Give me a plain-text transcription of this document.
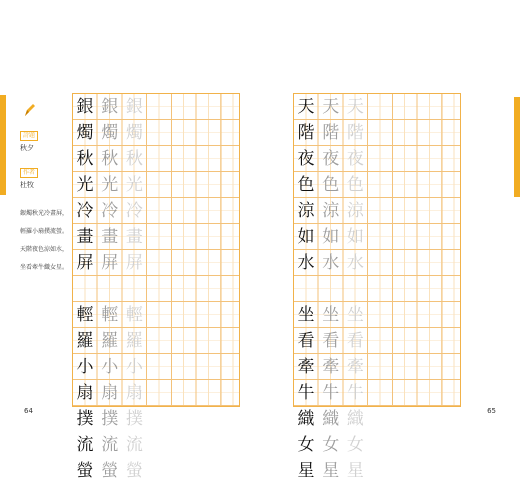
詩題
秋夕
作者
杜牧

銀燭秋光冷畫屏，

輕羅小扇撲流螢。

天階夜色涼如水，

坐看牽牛織女星。

銀 銀 銀
燭 燭 燭
秋 秋 秋
光 光 光
冷 冷 冷
畫 畫 畫
屏 屏 屏
輕 輕 輕
羅 羅 羅
小 小 小
扇 扇 扇
撲 撲 撲
流 流 流
螢 螢 螢
64
天 天 天
階 階 階
夜 夜 夜
色 色 色
涼 涼 涼
如 如 如
水 水 水
坐 坐 坐
看 看 看
牽 牽 牽
牛 牛 牛
織 織 織
女 女 女
星 星 星
65
